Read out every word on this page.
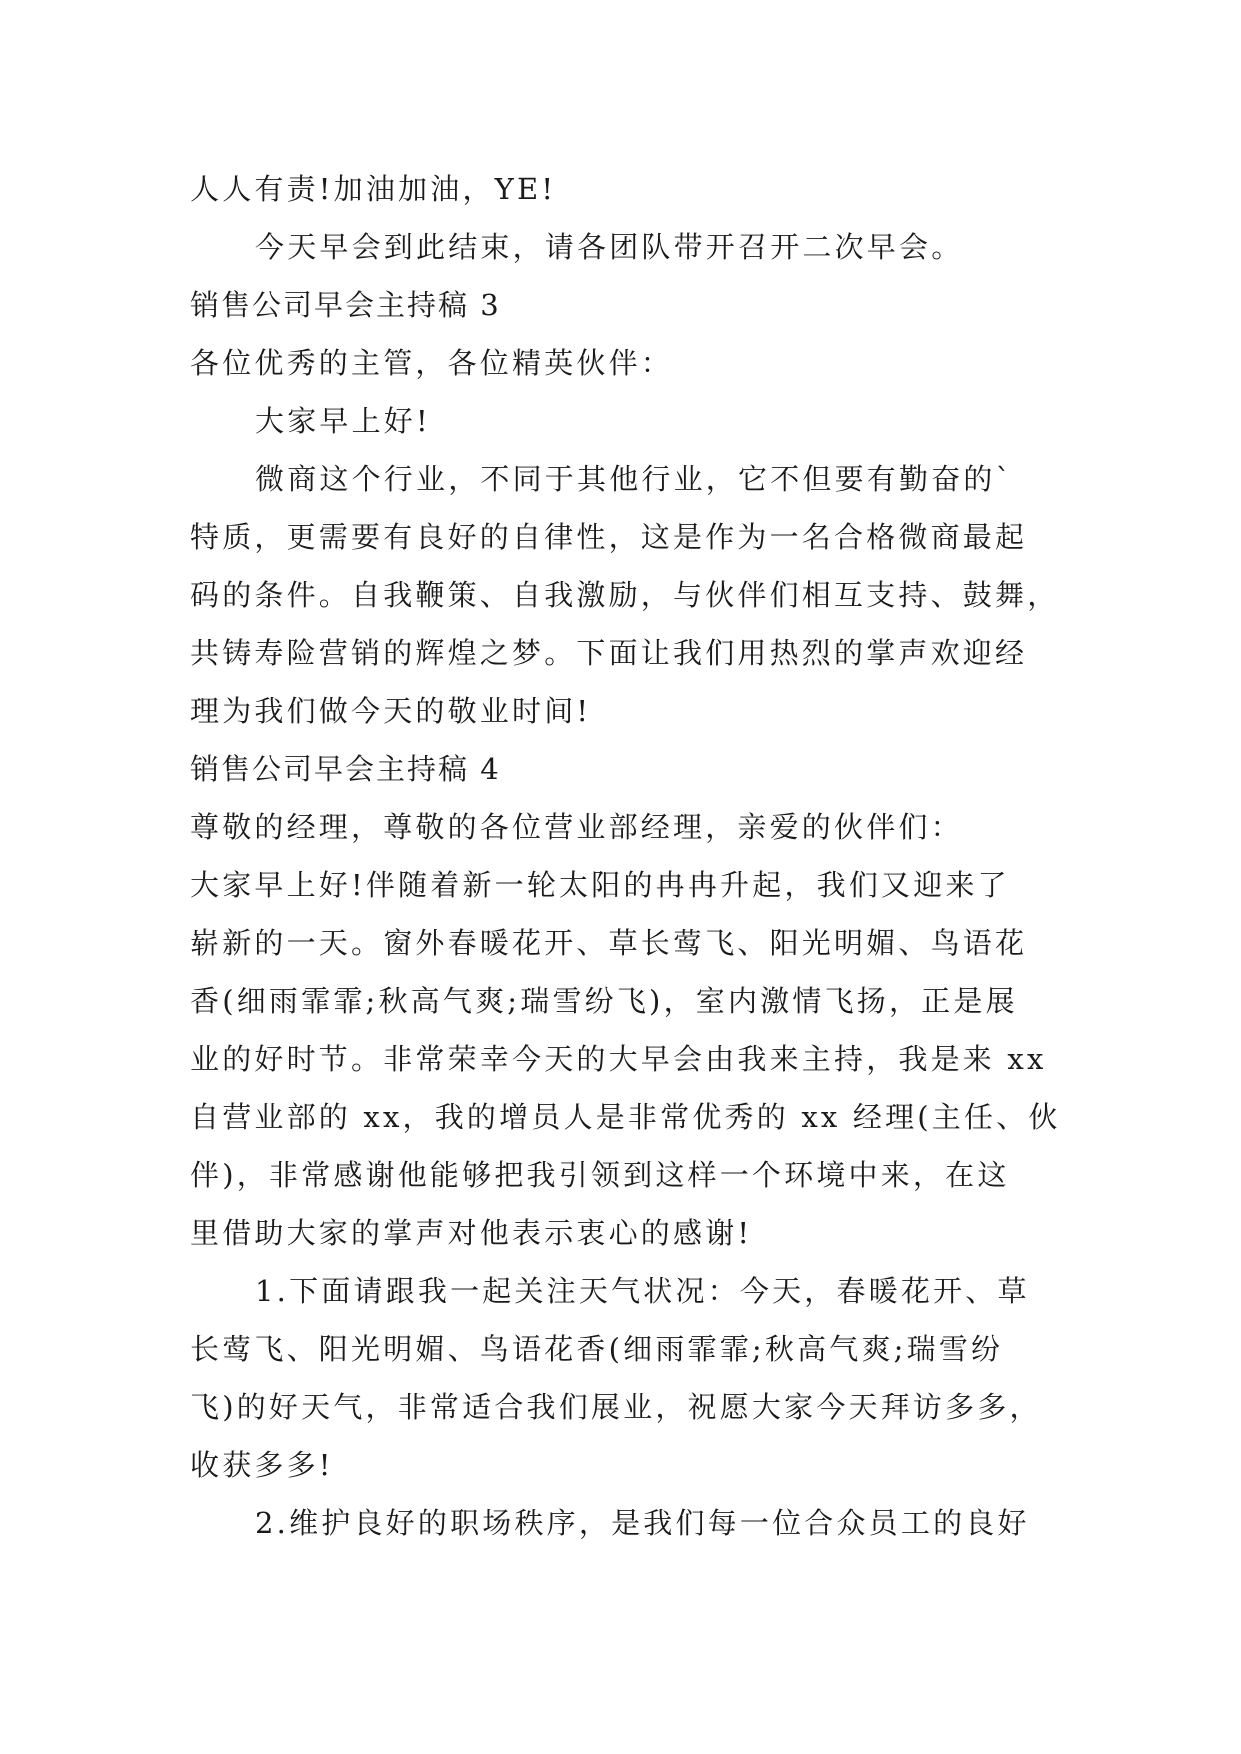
人人有责!加油加油，YE!
今天早会到此结束，请各团队带开召开二次早会。
销售公司早会主持稿 3
各位优秀的主管，各位精英伙伴：
大家早上好!
微商这个行业，不同于其他行业，它不但要有勤奋的`
特质，更需要有良好的自律性，这是作为一名合格微商最起
码的条件。自我鞭策、自我激励，与伙伴们相互支持、鼓舞，
共铸寿险营销的辉煌之梦。下面让我们用热烈的掌声欢迎经
理为我们做今天的敬业时间!
销售公司早会主持稿 4
尊敬的经理，尊敬的各位营业部经理，亲爱的伙伴们：
大家早上好!伴随着新一轮太阳的冉冉升起，我们又迎来了
崭新的一天。窗外春暖花开、草长莺飞、阳光明媚、鸟语花
香(细雨霏霏;秋高气爽;瑞雪纷飞)，室内激情飞扬，正是展
业的好时节。非常荣幸今天的大早会由我来主持，我是来 xx
自营业部的 xx，我的增员人是非常优秀的 xx 经理(主任、伙
伴)，非常感谢他能够把我引领到这样一个环境中来，在这
里借助大家的掌声对他表示衷心的感谢!
1.下面请跟我一起关注天气状况：今天，春暖花开、草
长莺飞、阳光明媚、鸟语花香(细雨霏霏;秋高气爽;瑞雪纷
飞)的好天气，非常适合我们展业，祝愿大家今天拜访多多，
收获多多!
2.维护良好的职场秩序，是我们每一位合众员工的良好
